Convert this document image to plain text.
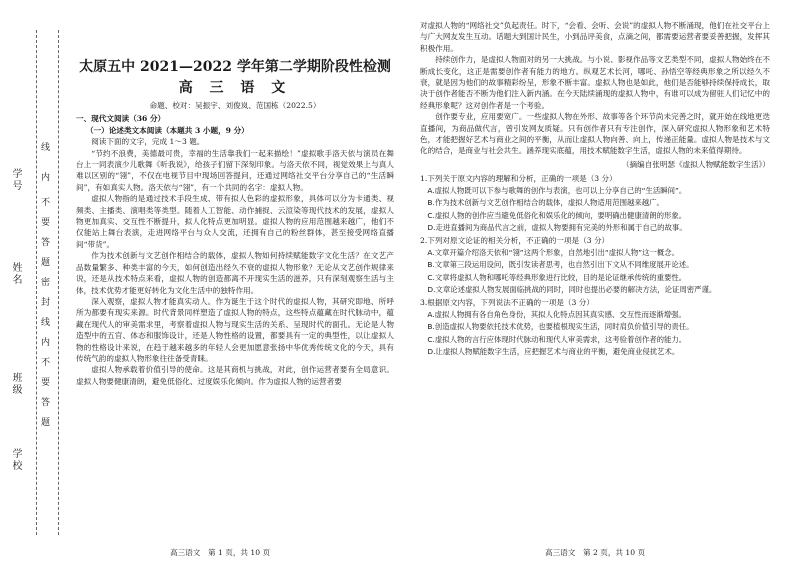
学号
姓名
班级
学校
线
内
不
要
答
题
密
封
线
内
不
要
答
题
太原五中 2021—2022 学年第二学期阶段性检测
高 三 语 文
命题、校对：吴振宇、刘俊岚、范国栋（2022.5）
一、现代文阅读（36 分）
（一）论述类文本阅读（本题共 3 小题，9 分）

阅读下面的文字，完成 1～3 题。

“节约不浪费，美德最可贵，幸福的生活靠我们一起来描绘！”虚拟歌手洛天依与演员在舞台上一同表演少儿歌舞《听我说》，给孩子们留下深刻印象。与洛天依不同，视觉效果上与真人难以区别的“翎”，不仅在电视节目中现场回答提问，还通过网络社交平台分享自己的“生活瞬间”，有如真实人物。洛天依与“翎”，有一个共同的名字：虚拟人物。

虚拟人物指的是通过技术手段生成、带有拟人色彩的虚拟形象，具体可以分为卡通类、视频类、主播类、演唱类等类型。随着人工智能、动作捕捉、云渲染等现代技术的发展，虚拟人物更加真实、交互性不断提升，拟人化特点更加明显。虚拟人物的应用范围越来越广，他们不仅能站上舞台表演，走进网络平台与众人交流，还拥有自己的粉丝群体，甚至接受网络直播间“带货”。

作为技术创新与文艺创作相结合的载体，虚拟人物如何持续赋能数字文化生活？在文艺产品数量繁多、种类丰富的今天，如何创造出经久不衰的虚拟人物形象？无论从文艺创作规律来说，还是从技术特点来看，虚拟人物的创造都离不开现实生活的滋养，只有深刻观察生活与主体，技术优势才能更好转化为文化生活中的独特作用。

深入观察，虚拟人物才能真实动人。作为诞生于这个时代的虚拟人物，其研究即地、所呼所为都要有现实来源。时代背景同样塑造了虚拟人物的特点，这些特点蕴藏在时代脉动中，蕴藏在现代人的审美需求里，考察着虚拟人物与现实生活的关系、呈现时代的面孔。无论是人物造型中的五官、体态和服饰设计，还是人物性格的设置，都要具有一定的典型性，以让虚拟人物的性格设计来说，在趋于越来越多的年轻人会更加愿意张扬中华优秀传统文化的今天，具有传统气韵的虚拟人物形象往往备受青睐。

虚拟人物承载着价值引导的使命。这是其商机与挑战，对此，创作运营者要有全局意识。虚拟人物要健康清朗，避免低俗化、过度娱乐化倾向。作为虚拟人物的运营者要

对虚拟人物的“网络社交”负起责任。时下，“会看、会听、会说”的虚拟人物不断涌现，他们在社交平台上与广大网友发生互动。话题大到国计民生，小到品评美食，点滴之间，都需要运营者要妥善把握，发挥其积极作用。

持续创作力，是虚拟人物面对的另一大挑战。与小说、影视作品等文艺类型不同，虚拟人物始终在不断成长变化，这正是需要创作者有能力的地方。纵观艺术长河，哪吒、孙悟空等经典形象之所以经久不衰，就是因为他们的故事精彩纷呈，形象不断丰富。虚拟人物也是如此，他们是否能够持续保持成长，取决于创作者能否不断为他们注入新内涵。在今天陆续涌现的虚拟人物中，有谁可以成为留驻人们记忆中的经典形象呢？这对创作者是一个考验。

创作要专业，应用要宽广。一些虚拟人物在外形、故事等各个环节尚未完善之时，就开始在线地更迭直播间，为商品做代言，曾引发网友质疑。只有创作者只有专注创作，深入研究虚拟人物形象和艺术特色，才能把握好艺术与商业之间的平衡，从而让虚拟人物向善、向上，传递正能量。虚拟人物是技术与文化的结合，是商业与社会共生。涵养现实底蕴，用技术赋能数字生活，虚拟人物的未来值得期待。

（摘编自张明瑟《虚拟人物赋能数字生活》）
1.下列关于原文内容的理解和分析，正确的一项是（3 分）

A.虚拟人物既可以下参与歌舞的创作与表演，也可以上分享自己的“生活瞬间”。

B.作为技术创新与文艺创作相结合的载体，虚拟人物适用范围越来越广。

C.虚拟人物的创作应当避免低俗化和娱乐化的倾向，要明确出健康清朗的形象。

D.走进直播间为商品代言之前，虚拟人物要拥有完美的外形和属于自己的故事。

2.下列对原文论证的相关分析，不正确的一项是（3 分）

A.文章开篇介绍洛天依和“翎”这两个形象，自然地引出“虚拟人物”这一概念。

B.文章第三段运用设问，既引发读者思考，也自然引出下文从不同维度展开论述。

C.文章将虚拟人物和哪吒等经典形象进行比较，目的是论证继承传统的重要性。

D.文章论述虚拟人物发展面临挑战的同时，同时也提出必要的解决方法，论证周密严谨。

3.根据原文内容，下列说法不正确的一项是（3 分）

A.虚拟人物拥有各自角色身份，其拟人化特点因其真实感、交互性而逐渐增强。

B.创造虚拟人物要依托技术优势，也要植根现实生活，同时肩负价值引导的责任。

C.虚拟人物的言行应体现时代脉动和现代人审美需求，这考验着创作者的能力。

D.让虚拟人物赋能数字生活，应把握艺术与商业的平衡，避免商业侵扰艺术。

高三语文　第 1 页，共 10 页	高三语文　第 2 页，共 10 页
